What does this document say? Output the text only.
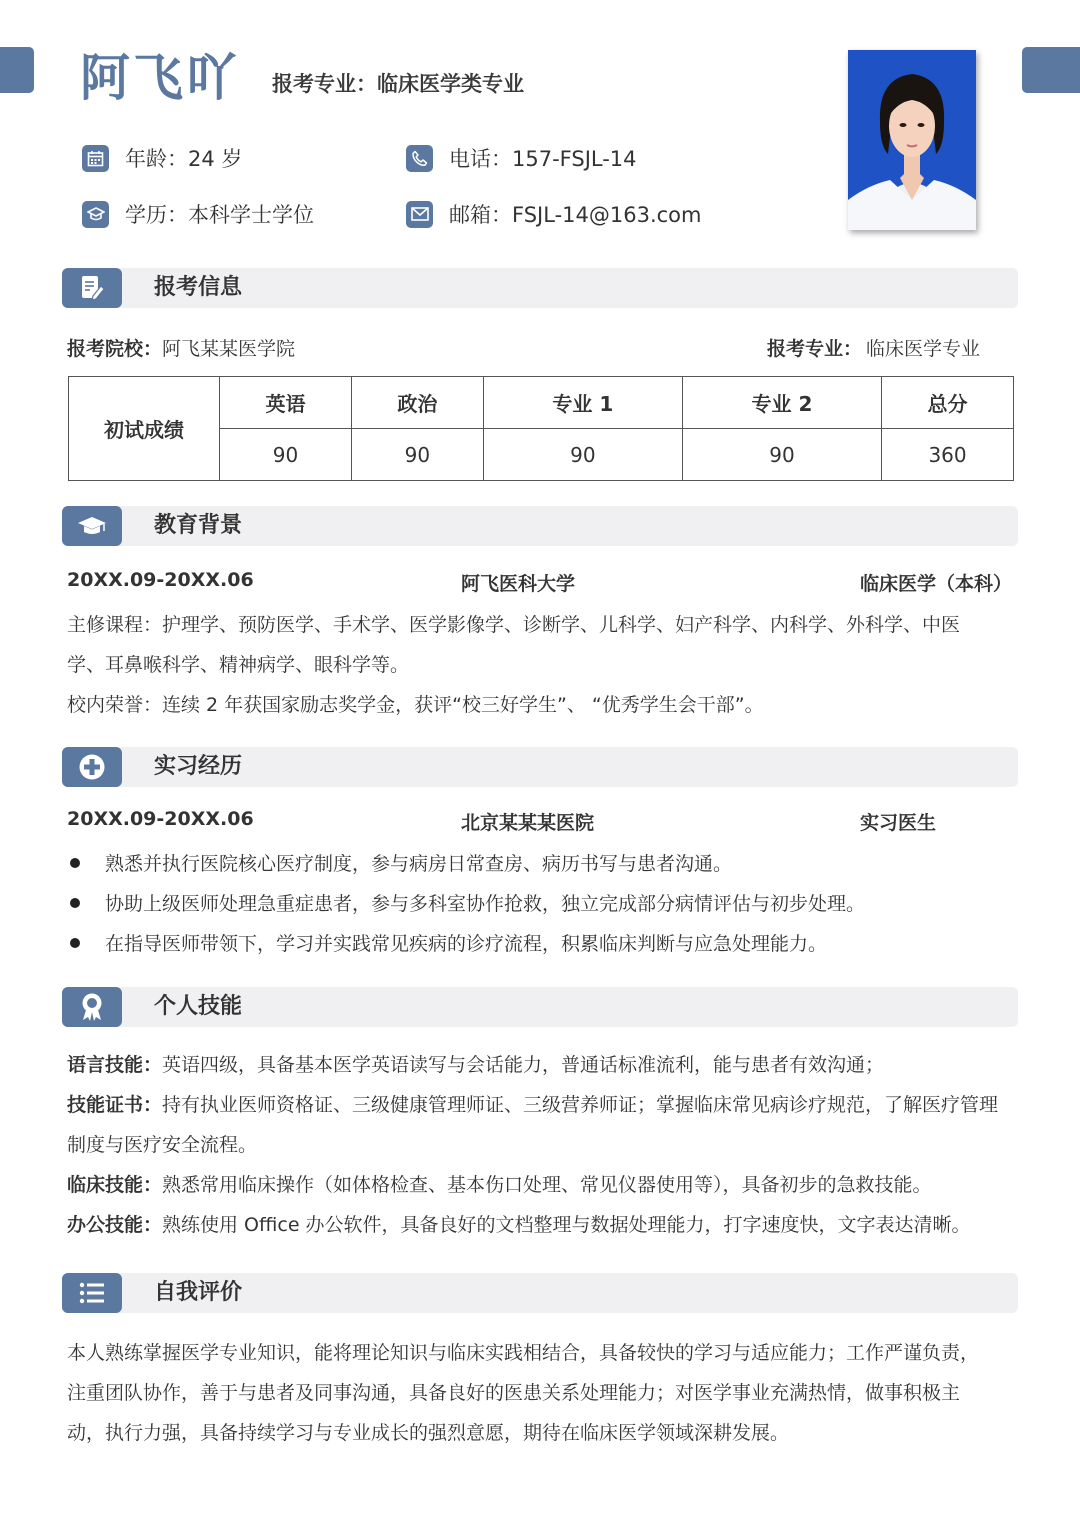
阿飞吖 报考专业：临床医学类专业
年龄：24 岁
学历：本科学士学位
电话：157-FSJL-14
邮箱：FSJL-14@163.com
报考信息
报考院校：阿飞某某医学院	报考专业： 临床医学专业
初试成绩	英语	政治	专业 1	专业 2	总分
	90	90	90	90	360
教育背景
20XX.09-20XX.06	阿飞医科大学	临床医学（本科）
主修课程：护理学、预防医学、手术学、医学影像学、诊断学、儿科学、妇产科学、内科学、外科学、中医
学、耳鼻喉科学、精神病学、眼科学等。
校内荣誉：连续 2 年获国家励志奖学金，获评“校三好学生”、 “优秀学生会干部”。
实习经历
20XX.09-20XX.06	北京某某某医院	实习医生
熟悉并执行医院核心医疗制度，参与病房日常查房、病历书写与患者沟通。
协助上级医师处理急重症患者，参与多科室协作抢救，独立完成部分病情评估与初步处理。
在指导医师带领下，学习并实践常见疾病的诊疗流程，积累临床判断与应急处理能力。
个人技能
语言技能：英语四级，具备基本医学英语读写与会话能力，普通话标准流利，能与患者有效沟通；
技能证书：持有执业医师资格证、三级健康管理师证、三级营养师证；掌握临床常见病诊疗规范，了解医疗管理
制度与医疗安全流程。
临床技能：熟悉常用临床操作（如体格检查、基本伤口处理、常见仪器使用等），具备初步的急救技能。
办公技能：熟练使用 Office 办公软件，具备良好的文档整理与数据处理能力，打字速度快，文字表达清晰。
自我评价
本人熟练掌握医学专业知识，能将理论知识与临床实践相结合，具备较快的学习与适应能力；工作严谨负责，
注重团队协作，善于与患者及同事沟通，具备良好的医患关系处理能力；对医学事业充满热情，做事积极主
动，执行力强，具备持续学习与专业成长的强烈意愿，期待在临床医学领域深耕发展。
